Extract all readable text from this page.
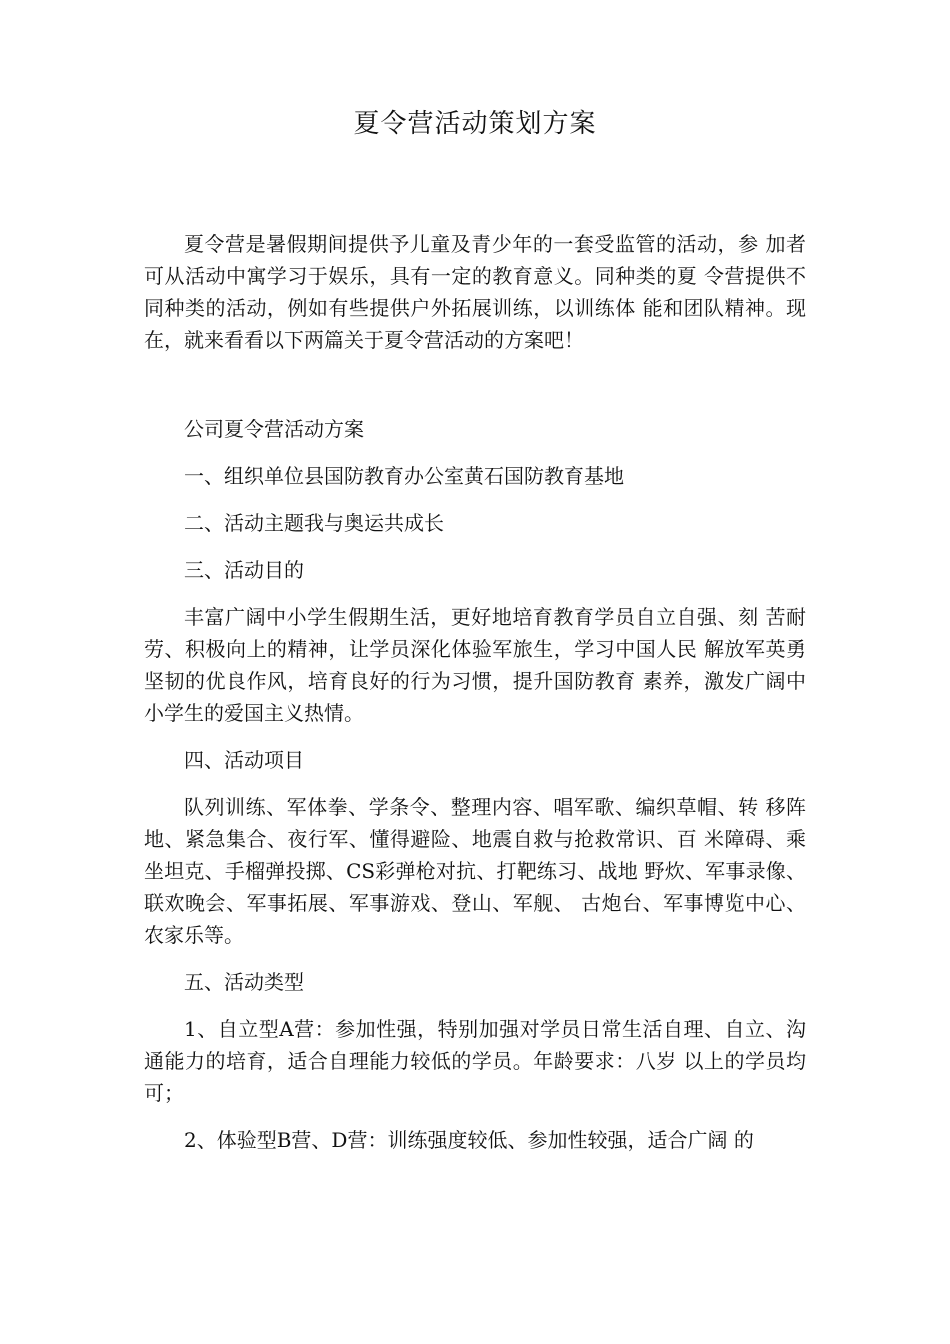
夏令营活动策划方案

夏令营是暑假期间提供予儿童及青少年的一套受监管的活动，参 加者可从活动中寓学习于娱乐，具有一定的教育意义。同种类的夏 令营提供不同种类的活动，例如有些提供户外拓展训练，以训练体 能和团队精神。现在，就来看看以下两篇关于夏令营活动的方案吧！

公司夏令营活动方案

一、组织单位县国防教育办公室黄石国防教育基地

二、活动主题我与奥运共成长

三、活动目的

丰富广阔中小学生假期生活，更好地培育教育学员自立自强、刻 苦耐劳、积极向上的精神，让学员深化体验军旅生，学习中国人民 解放军英勇坚韧的优良作风，培育良好的行为习惯，提升国防教育 素养，激发广阔中小学生的爱国主义热情。

四、活动项目

队列训练、军体拳、学条令、整理内容、唱军歌、编织草帽、转 移阵地、紧急集合、夜行军、懂得避险、地震自救与抢救常识、百 米障碍、乘坐坦克、手榴弹投掷、CS彩弹枪对抗、打靶练习、战地 野炊、军事录像、联欢晚会、军事拓展、军事游戏、登山、军舰、 古炮台、军事博览中心、农家乐等。

五、活动类型

1、自立型A营：参加性强，特别加强对学员日常生活自理、自立、沟通能力的培育，适合自理能力较低的学员。年龄要求：八岁 以上的学员均可；

2、体验型B营、D营：训练强度较低、参加性较强，适合广阔 的
